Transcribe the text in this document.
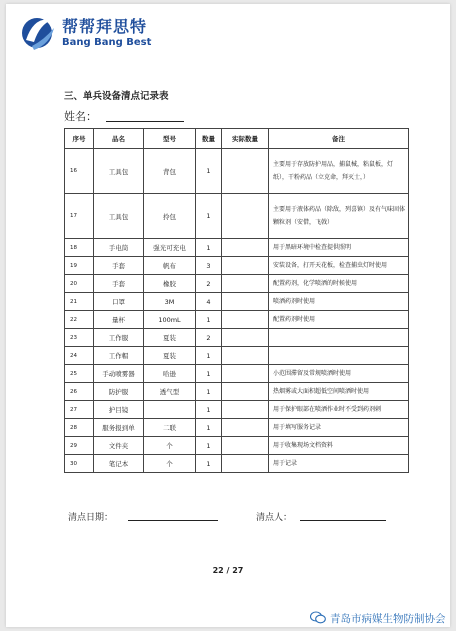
帮帮拜思特
Bang Bang Best
三、单兵设备清点记录表
姓名：
序号	品名	型号	数量	实际数量	备注
16	工具包	背包	1		主要用于存放防护用品，捕鼠械，粘鼠板，灯纸），干粉药品（立克命，拜灭士，）
17	工具包	拎包	1		主要用于液体药品（除敌，列喜镇）及有气味固体颗粒剂（安借，飞戟）
18	手电筒	强光可充电	1		用于黑暗环境中检查提供照明
19	手套	帆布	3		安装设备，打开天花板，检查捕虫灯时使用
20	手套	橡胶	2		配置药剂，化学喷洒的时候使用
21	口罩	3M	4		喷洒药剂时使用
22	量杯	100mL	1		配置药剂时使用
23	工作服	夏装	2		
24	工作帽	夏装	1		
25	手动喷雾器	哈逊	1		小范围滞留及常规喷洒时使用
26	防护服	透气型	1		热烟雾或大面积超低空间喷洒时使用
27	护目镜		1		用于保护眼部在喷洒作业时不受到药剂刺
28	服务报到单	二联	1		用于填写服务记录
29	文件夹	个	1		用于收集现场文档资料
30	笔记本	个	1		用于记录
清点日期：	清点人：
22 / 27
青岛市病媒生物防制协会
